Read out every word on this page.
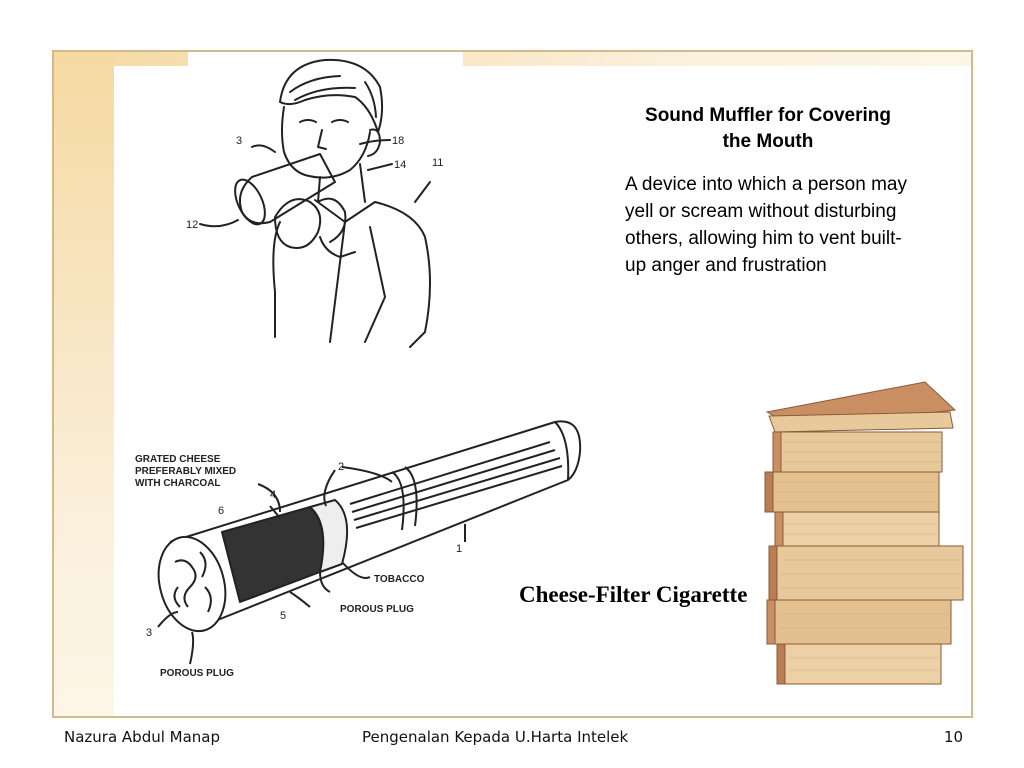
3	18
14 11
12
GRATED CHEESE
PREFERABLY MIXED
WITH CHARCOAL
4
6
2
1
TOBACCO
POROUS PLUG
5
3
POROUS PLUG
Sound Muffler for Covering the Mouth
A device into which a person may yell or scream without disturbing others, allowing him to vent built-up anger and frustration
Cheese-Filter Cigarette
Nazura Abdul Manap	Pengenalan Kepada U.Harta Intelek	10
